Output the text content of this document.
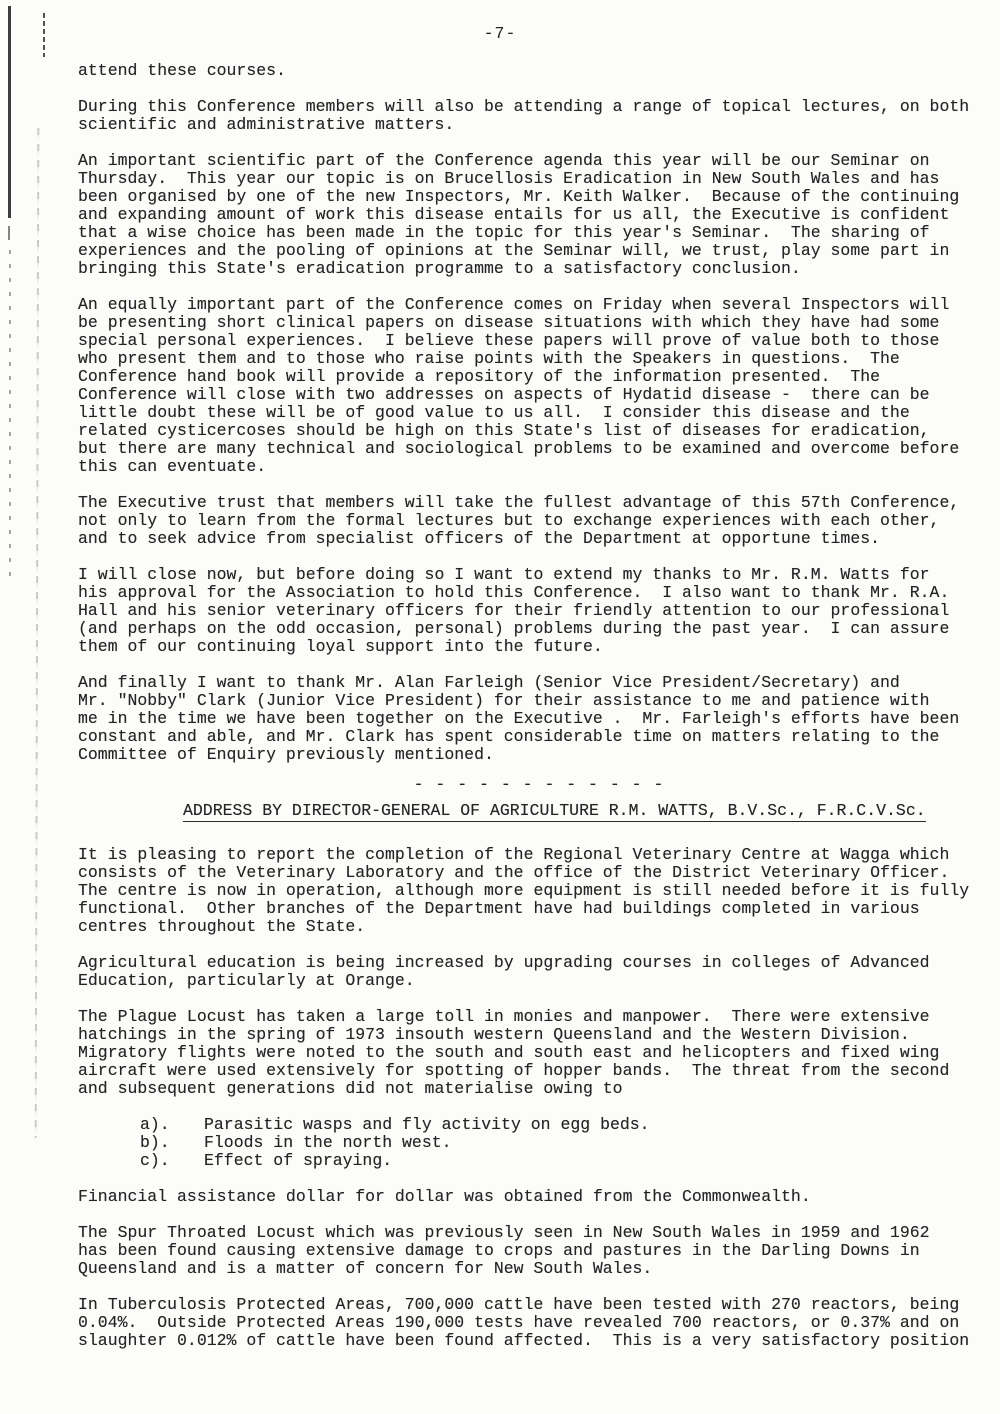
-7-
attend these courses.
During this Conference members will also be attending a range of topical lectures, on both
scientific and administrative matters.
An important scientific part of the Conference agenda this year will be our Seminar on
Thursday.  This year our topic is on Brucellosis Eradication in New South Wales and has
been organised by one of the new Inspectors, Mr. Keith Walker.  Because of the continuing
and expanding amount of work this disease entails for us all, the Executive is confident
that a wise choice has been made in the topic for this year's Seminar.  The sharing of
experiences and the pooling of opinions at the Seminar will, we trust, play some part in
bringing this State's eradication programme to a satisfactory conclusion.
An equally important part of the Conference comes on Friday when several Inspectors will
be presenting short clinical papers on disease situations with which they have had some
special personal experiences.  I believe these papers will prove of value both to those
who present them and to those who raise points with the Speakers in questions.  The
Conference hand book will provide a repository of the information presented.  The
Conference will close with two addresses on aspects of Hydatid disease -  there can be
little doubt these will be of good value to us all.  I consider this disease and the
related cysticercoses should be high on this State's list of diseases for eradication,
but there are many technical and sociological problems to be examined and overcome before
this can eventuate.
The Executive trust that members will take the fullest advantage of this 57th Conference,
not only to learn from the formal lectures but to exchange experiences with each other,
and to seek advice from specialist officers of the Department at opportune times.
I will close now, but before doing so I want to extend my thanks to Mr. R.M. Watts for
his approval for the Association to hold this Conference.  I also want to thank Mr. R.A.
Hall and his senior veterinary officers for their friendly attention to our professional
(and perhaps on the odd occasion, personal) problems during the past year.  I can assure
them of our continuing loyal support into the future.
And finally I want to thank Mr. Alan Farleigh (Senior Vice President/Secretary) and
Mr. "Nobby" Clark (Junior Vice President) for their assistance to me and patience with
me in the time we have been together on the Executive .  Mr. Farleigh's efforts have been
constant and able, and Mr. Clark has spent considerable time on matters relating to the
Committee of Enquiry previously mentioned.
- - - - - - - - - - - -
ADDRESS BY DIRECTOR-GENERAL OF AGRICULTURE R.M. WATTS, B.V.Sc., F.R.C.V.Sc.
It is pleasing to report the completion of the Regional Veterinary Centre at Wagga which
consists of the Veterinary Laboratory and the office of the District Veterinary Officer.
The centre is now in operation, although more equipment is still needed before it is fully
functional.  Other branches of the Department have had buildings completed in various
centres throughout the State.
Agricultural education is being increased by upgrading courses in colleges of Advanced
Education, particularly at Orange.
The Plague Locust has taken a large toll in monies and manpower.  There were extensive
hatchings in the spring of 1973 insouth western Queensland and the Western Division.
Migratory flights were noted to the south and south east and helicopters and fixed wing
aircraft were used extensively for spotting of hopper bands.  The threat from the second
and subsequent generations did not materialise owing to
a). Parasitic wasps and fly activity on egg beds.
b). Floods in the north west.
c). Effect of spraying.
Financial assistance dollar for dollar was obtained from the Commonwealth.
The Spur Throated Locust which was previously seen in New South Wales in 1959 and 1962
has been found causing extensive damage to crops and pastures in the Darling Downs in
Queensland and is a matter of concern for New South Wales.
In Tuberculosis Protected Areas, 700,000 cattle have been tested with 270 reactors, being
0.04%.  Outside Protected Areas 190,000 tests have revealed 700 reactors, or 0.37% and on
slaughter 0.012% of cattle have been found affected.  This is a very satisfactory position
